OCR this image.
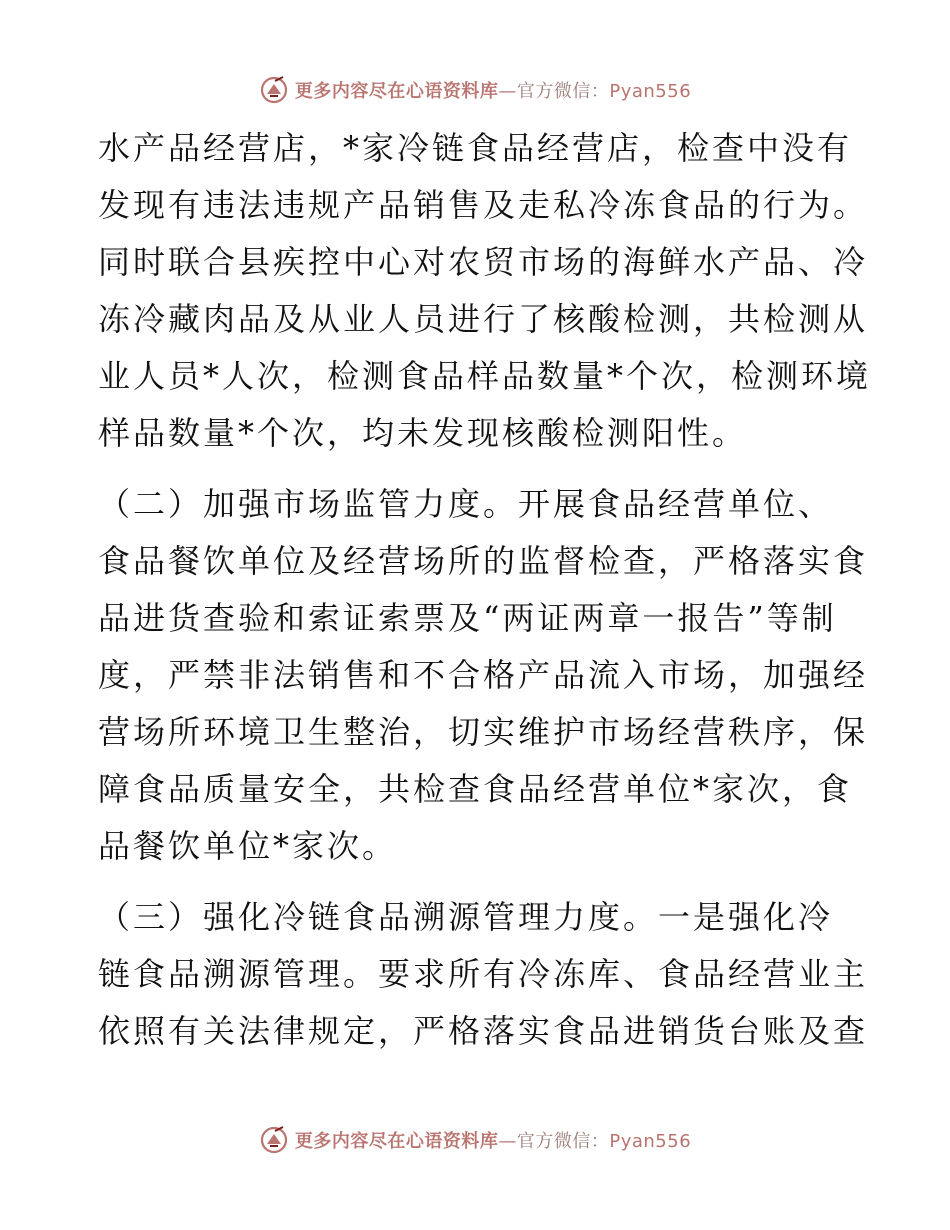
更多内容尽在心语资料库—官方微信：Pyan556
水产品经营店，*家冷链食品经营店，检查中没有
发现有违法违规产品销售及走私冷冻食品的行为。
同时联合县疾控中心对农贸市场的海鲜水产品、冷
冻冷藏肉品及从业人员进行了核酸检测，共检测从
业人员*人次，检测食品样品数量*个次，检测环境
样品数量*个次，均未发现核酸检测阳性。
（二）加强市场监管力度。开展食品经营单位、
食品餐饮单位及经营场所的监督检查，严格落实食
品进货查验和索证索票及“两证两章一报告”等制
度，严禁非法销售和不合格产品流入市场，加强经
营场所环境卫生整治，切实维护市场经营秩序，保
障食品质量安全，共检查食品经营单位*家次，食
品餐饮单位*家次。
（三）强化冷链食品溯源管理力度。一是强化冷
链食品溯源管理。要求所有冷冻库、食品经营业主
依照有关法律规定，严格落实食品进销货台账及查
更多内容尽在心语资料库—官方微信：Pyan556
